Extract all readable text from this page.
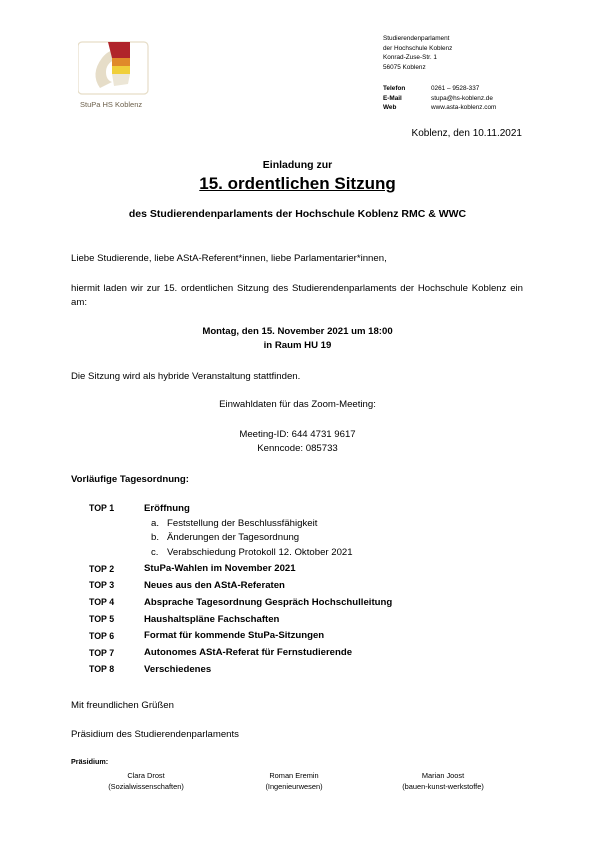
StuPa HS Koblenz
Studierendenparlament
der Hochschule Koblenz
Konrad-Zuse-Str. 1
56075 Koblenz
Telefon	0261 – 9528-337
E-Mail	stupa@hs-koblenz.de
Web	www.asta-koblenz.com
Koblenz, den 10.11.2021
Einladung zur
15. ordentlichen Sitzung
des Studierendenparlaments der Hochschule Koblenz RMC & WWC
Liebe Studierende, liebe AStA-Referent*innen, liebe Parlamentarier*innen,
hiermit laden wir zur 15. ordentlichen Sitzung des Studierendenparlaments der Hochschule Koblenz ein am:
Montag, den 15. November 2021 um 18:00
in Raum HU 19
Die Sitzung wird als hybride Veranstaltung stattfinden.
Einwahldaten für das Zoom-Meeting:
Meeting-ID: 644 4731 9617
Kenncode: 085733
Vorläufige Tagesordnung:
TOP 1	Eröffnung
a. Feststellung der Beschlussfähigkeit
b. Änderungen der Tagesordnung
c. Verabschiedung Protokoll 12. Oktober 2021
TOP 2	StuPa-Wahlen im November 2021
TOP 3	Neues aus den AStA-Referaten
TOP 4	Absprache Tagesordnung Gespräch Hochschulleitung
TOP 5	Haushaltspläne Fachschaften
TOP 6	Format für kommende StuPa-Sitzungen
TOP 7	Autonomes AStA-Referat für Fernstudierende
TOP 8	Verschiedenes
Mit freundlichen Grüßen
Präsidium des Studierendenparlaments
Präsidium:
Clara Drost
(Sozialwissenschaften)
Roman Eremin
(Ingenieurwesen)
Marian Joost
(bauen-kunst-werkstoffe)
